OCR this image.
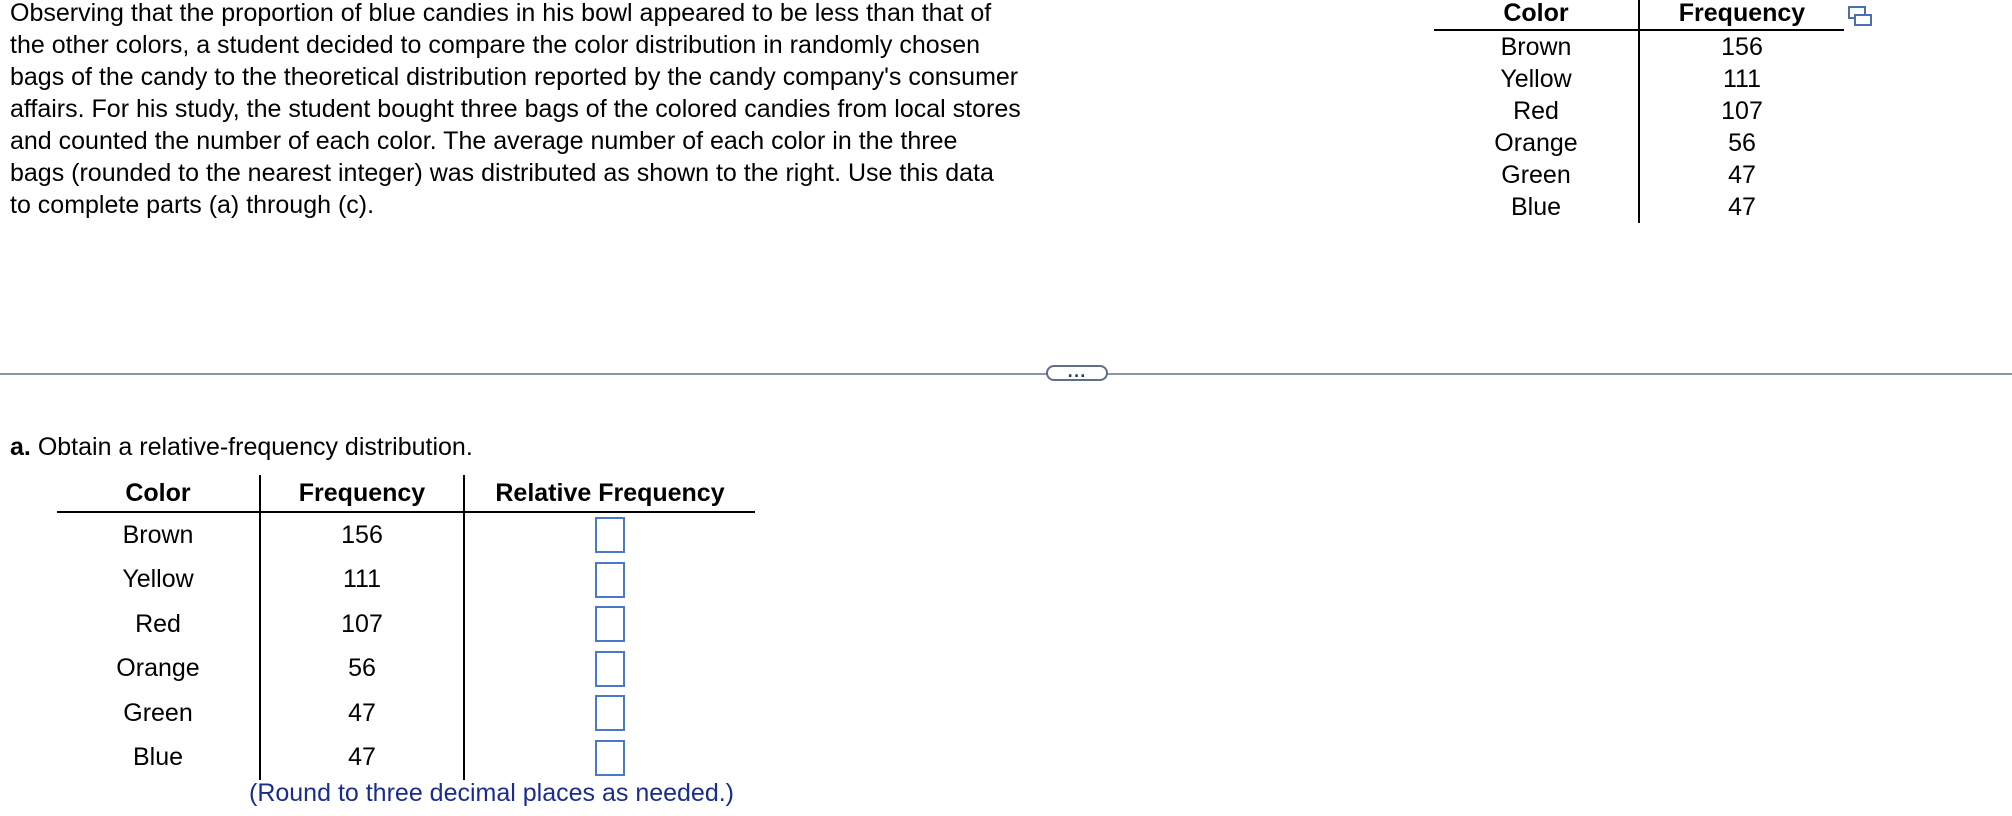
Observing that the proportion of blue candies in his bowl appeared to be less than that of
the other colors, a student decided to compare the color distribution in randomly chosen
bags of the candy to the theoretical distribution reported by the candy company's consumer
affairs. For his study, the student bought three bags of the colored candies from local stores
and counted the number of each color. The average number of each color in the three
bags (rounded to the nearest integer) was distributed as shown to the right. Use this data
to complete parts (a) through (c).

Color	Frequency
Brown	156
Yellow	111
Red	107
Orange	56
Green	47
Blue	47
...

a. Obtain a relative-frequency distribution.

Color	Frequency	Relative Frequency
Brown	156	
Yellow	111	
Red	107	
Orange	56	
Green	47	
Blue	47	

(Round to three decimal places as needed.)
